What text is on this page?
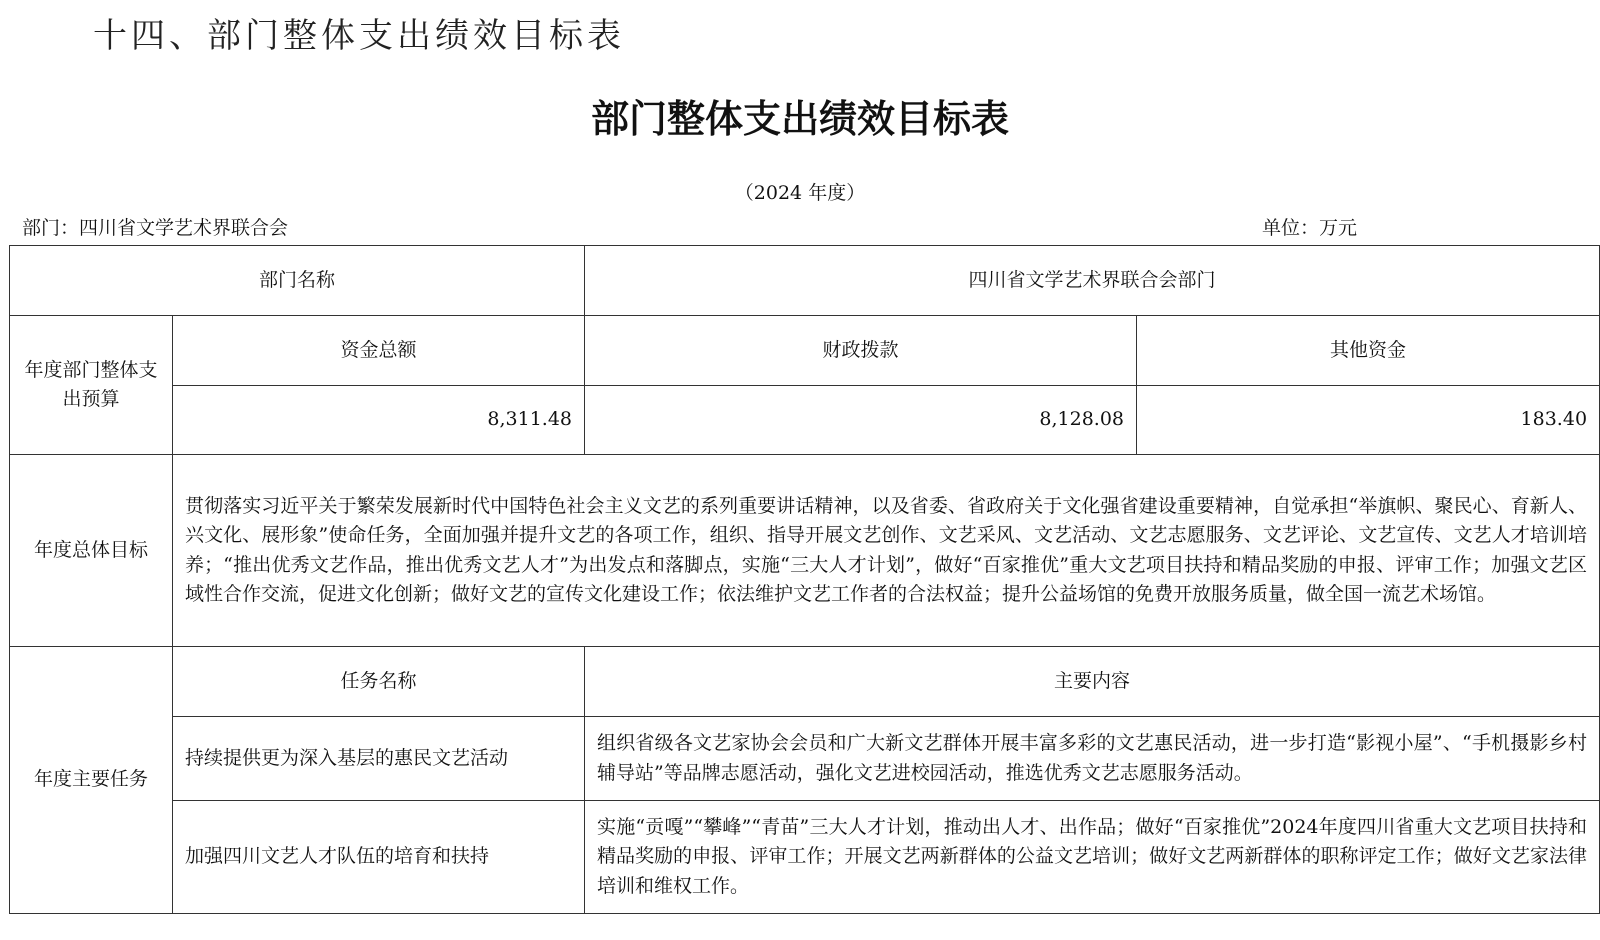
十四、部门整体支出绩效目标表
部门整体支出绩效目标表
（2024 年度）
部门：四川省文学艺术界联合会	单位：万元
部门名称		四川省文学艺术界联合会部门	

年度部门整体支出预算	资金总额	财政拨款	其他资金
	8,311.48	8,128.08	183.40
年度总体目标	贯彻落实习近平关于繁荣发展新时代中国特色社会主义文艺的系列重要讲话精神，以及省委、省政府关于文化强省建设重要精神，自觉承担“举旗帜、聚民心、育新人、兴文化、展形象”使命任务，全面加强并提升文艺的各项工作，组织、指导开展文艺创作、文艺采风、文艺活动、文艺志愿服务、文艺评论、文艺宣传、文艺人才培训培养；“推出优秀文艺作品，推出优秀文艺人才”为出发点和落脚点，实施“三大人才计划”，做好“百家推优”重大文艺项目扶持和精品奖励的申报、评审工作；加强文艺区域性合作交流，促进文化创新；做好文艺的宣传文化建设工作；依法维护文艺工作者的合法权益；提升公益场馆的免费开放服务质量，做全国一流艺术场馆。		
年度主要任务	任务名称	主要内容	
	持续提供更为深入基层的惠民文艺活动	组织省级各文艺家协会会员和广大新文艺群体开展丰富多彩的文艺惠民活动，进一步打造“影视小屋”、“手机摄影乡村辅导站”等品牌志愿活动，强化文艺进校园活动，推选优秀文艺志愿服务活动。	
	加强四川文艺人才队伍的培育和扶持	实施“贡嘎”“攀峰”“青苗”三大人才计划，推动出人才、出作品；做好“百家推优”2024年度四川省重大文艺项目扶持和精品奖励的申报、评审工作；开展文艺两新群体的公益文艺培训；做好文艺两新群体的职称评定工作；做好文艺家法律培训和维权工作。	
